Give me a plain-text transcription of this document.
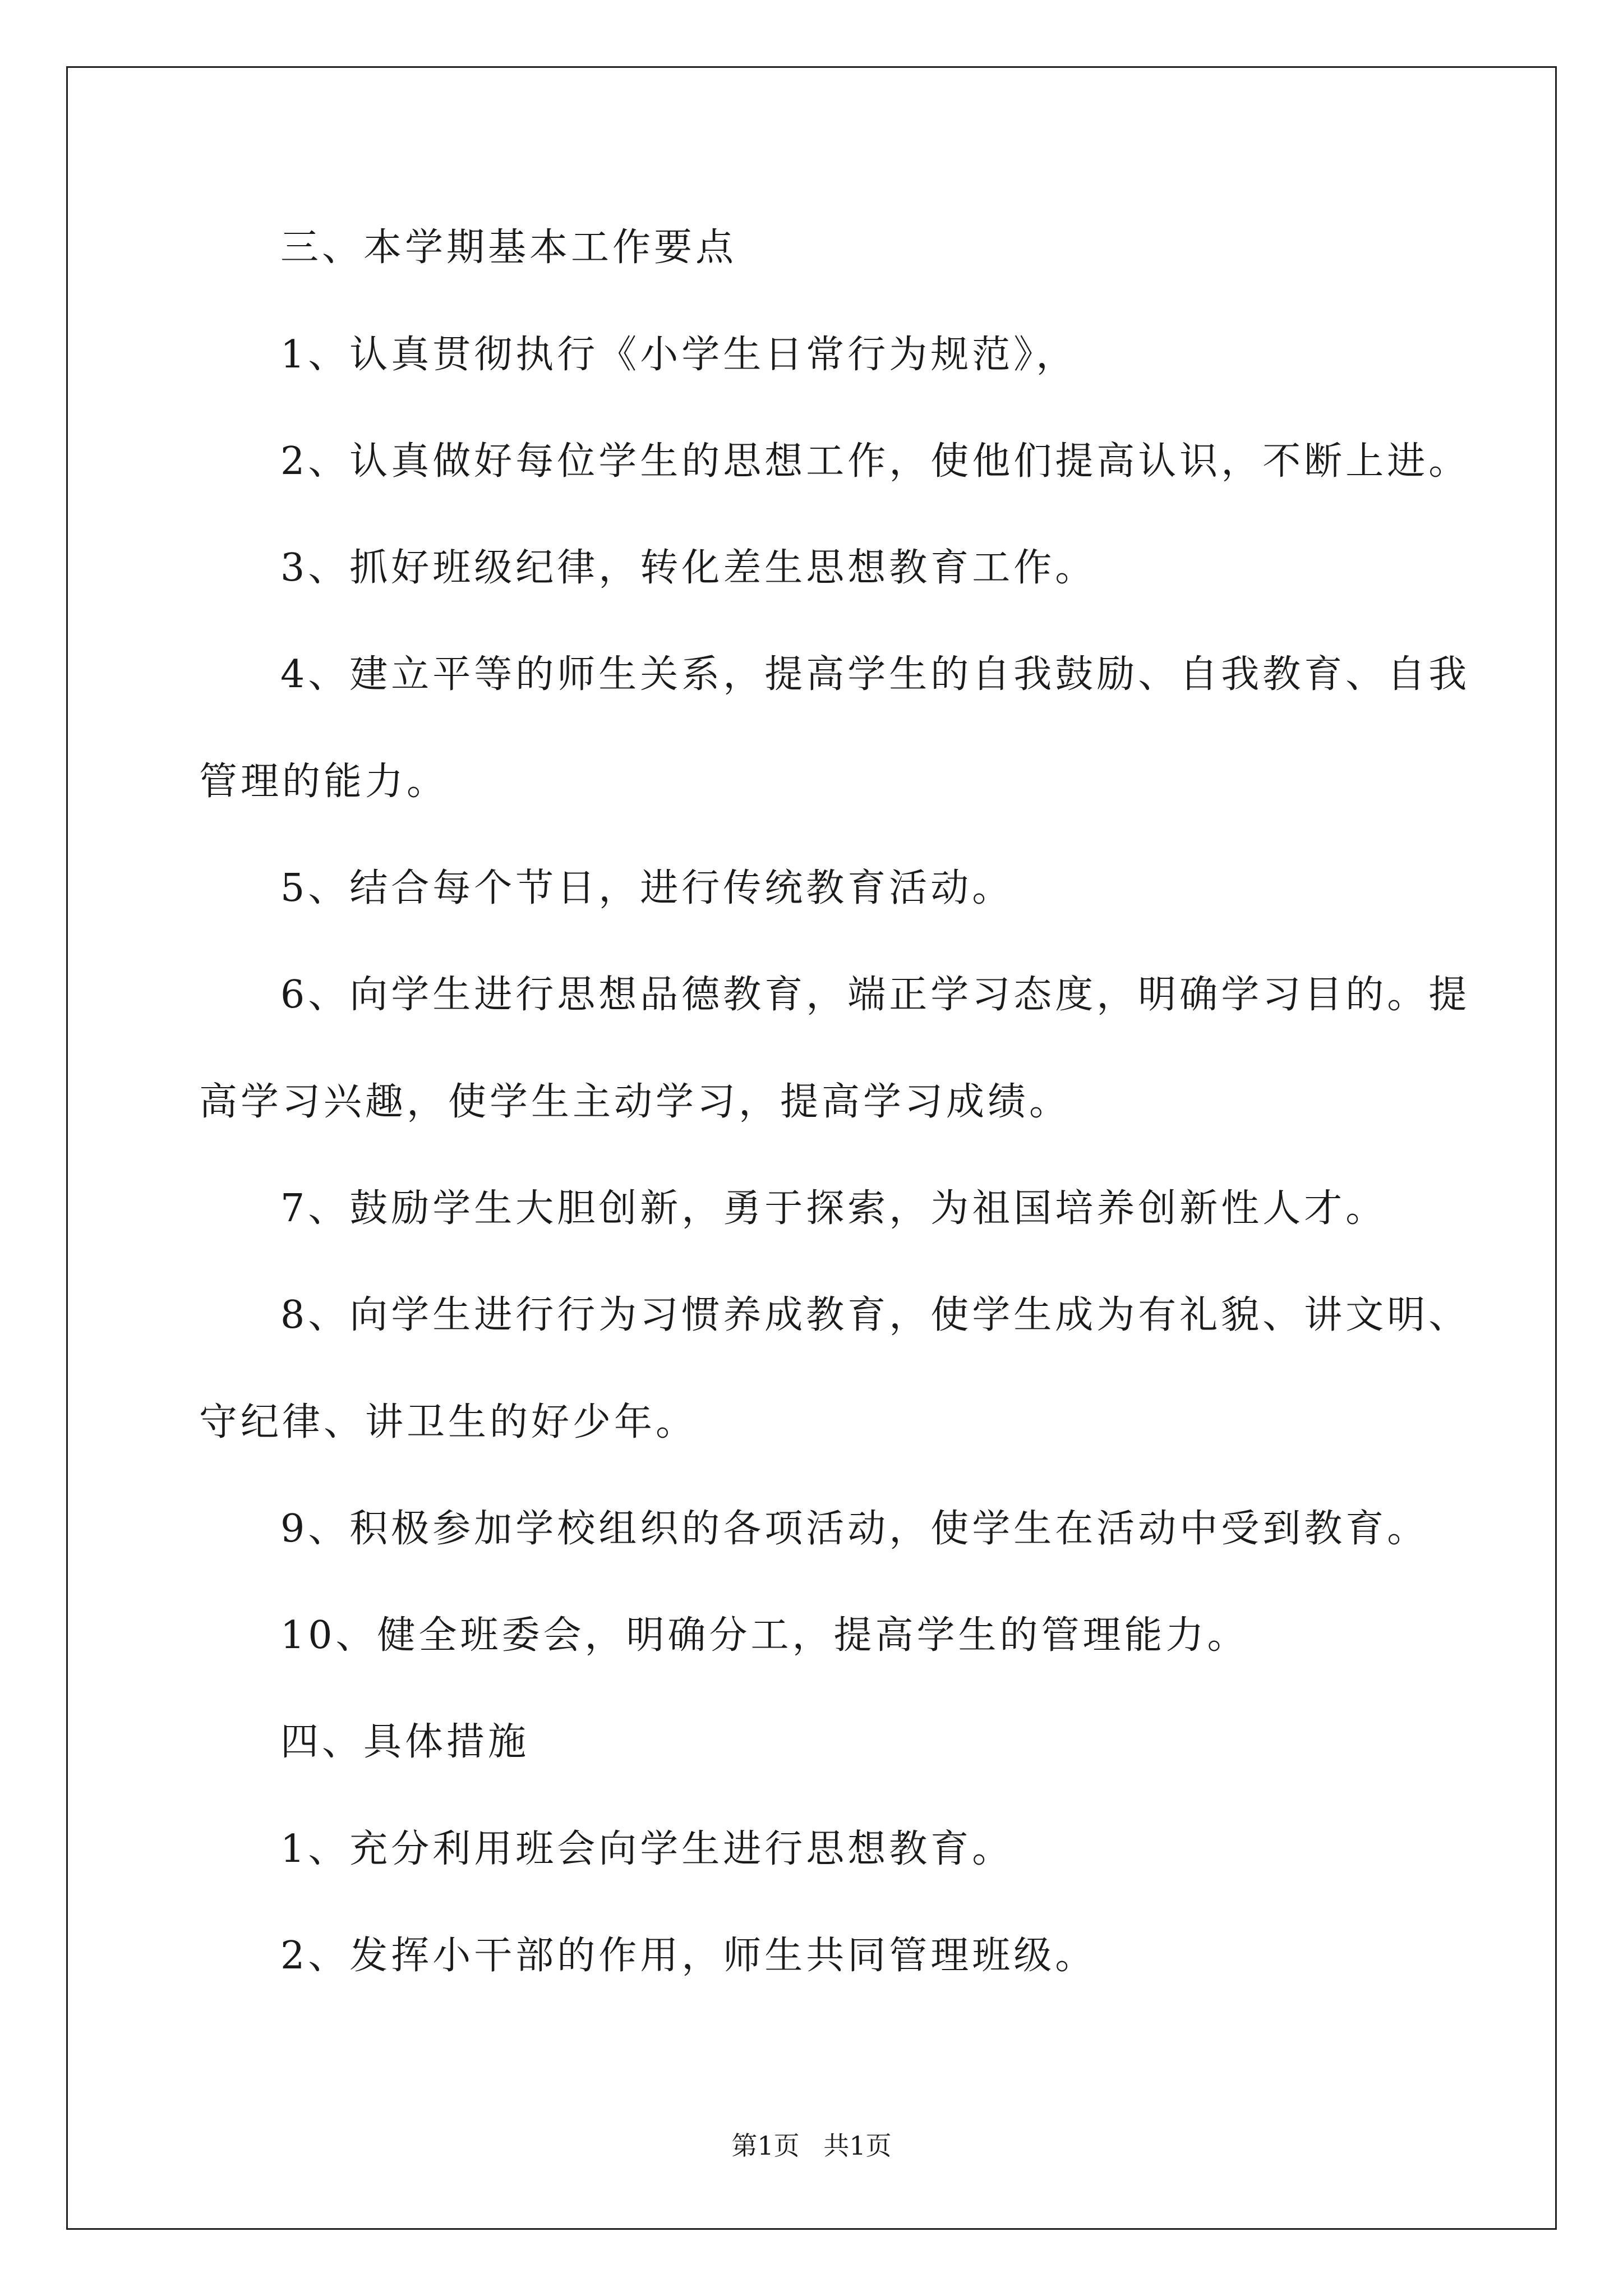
三、本学期基本工作要点
1、认真贯彻执行《小学生日常行为规范》，
2、认真做好每位学生的思想工作，使他们提高认识，不断上进。
3、抓好班级纪律，转化差生思想教育工作。
4、建立平等的师生关系，提高学生的自我鼓励、自我教育、自我
管理的能力。
5、结合每个节日，进行传统教育活动。
6、向学生进行思想品德教育，端正学习态度，明确学习目的。提
高学习兴趣，使学生主动学习，提高学习成绩。
7、鼓励学生大胆创新，勇于探索，为祖国培养创新性人才。
8、向学生进行行为习惯养成教育，使学生成为有礼貌、讲文明、
守纪律、讲卫生的好少年。
9、积极参加学校组织的各项活动，使学生在活动中受到教育。
10、健全班委会，明确分工，提高学生的管理能力。
四、具体措施
1、充分利用班会向学生进行思想教育。
2、发挥小干部的作用，师生共同管理班级。
第1页 共1页
